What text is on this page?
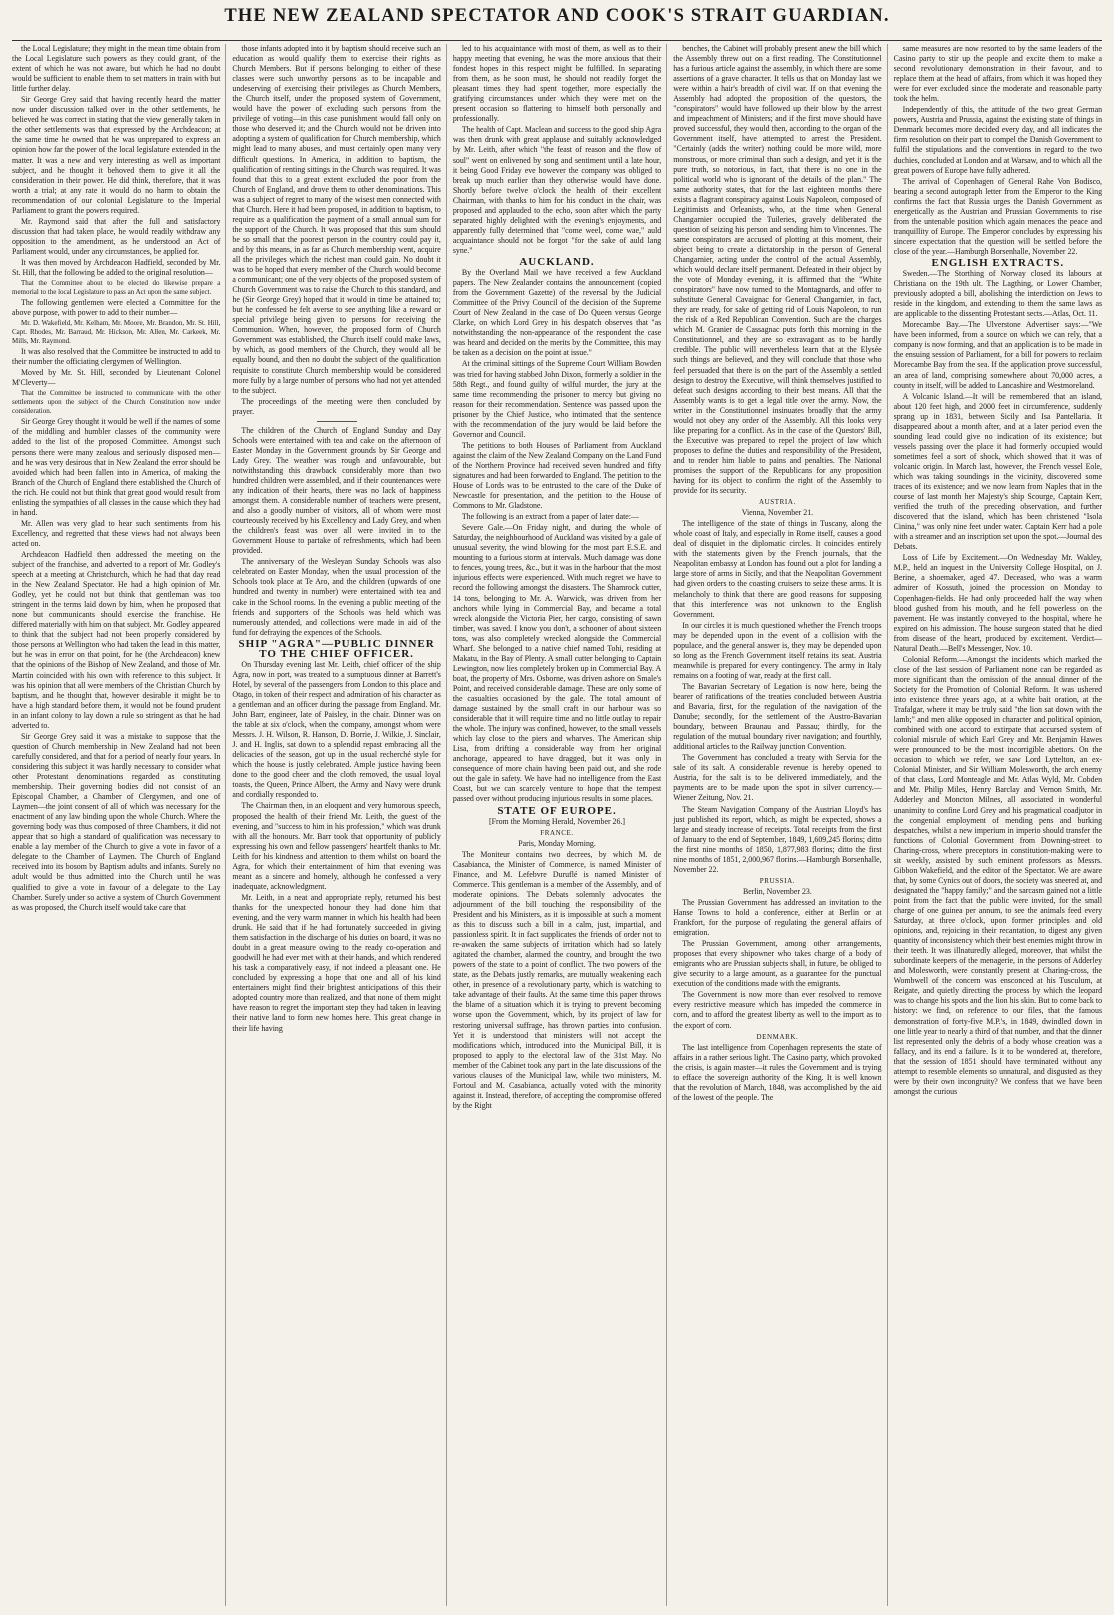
THE NEW ZEALAND SPECTATOR AND COOK'S STRAIT GUARDIAN.

the Local Legislature; they might in the mean time obtain from the Local Legislature such powers as they could grant, of the extent of which he was not aware, but which he had no doubt would be sufficient to enable them to set matters in train with but little further delay.

Sir George Grey said that having recently heard the matter now under discussion talked over in the other settlements, he believed he was correct in stating that the view generally taken in the other settlements was that expressed by the Archdeacon; at the same time he owned that he was unprepared to express an opinion how far the power of the local legislature extended in the matter. It was a new and very interesting as well as important subject, and he thought it behoved them to give it all the consideration in their power. He did think, therefore, that it was worth a trial; at any rate it would do no harm to obtain the recommendation of our colonial Legislature to the Imperial Parliament to grant the powers required.

Mr. Raymond said that after the full and satisfactory discussion that had taken place, he would readily withdraw any opposition to the amendment, as he understood an Act of Parliament would, under any circumstances, be applied for.

It was then moved by Archdeacon Hadfield, seconded by Mr. St. Hill, that the following be added to the original resolution—

That the Committee about to be elected do likewise prepare a memorial to the local Legislature to pass an Act upon the same subject.

The following gentlemen were elected a Committee for the above purpose, with power to add to their number—

Mr. D. Wakefield, Mr. Kelham, Mr. Moore, Mr. Brandon, Mr. St. Hill, Capt. Rhodes, Mr. Barraud, Mr. Hickson, Mr. Allen, Mr. Carkeek, Mr. Mills, Mr. Raymond.

It was also resolved that the Committee be instructed to add to their number the officiating clergymen of Wellington.

Moved by Mr. St. Hill, seconded by Lieutenant Colonel M'Cleverty—

That the Committee be instructed to communicate with the other settlements upon the subject of the Church Constitution now under consideration.

Sir George Grey thought it would be well if the names of some of the middling and humbler classes of the community were added to the list of the proposed Committee. Amongst such persons there were many zealous and seriously disposed men—and he was very desirous that in New Zealand the error should be avoided which had been fallen into in America, of making the Branch of the Church of England there established the Church of the rich. He could not but think that great good would result from enlisting the sympathies of all classes in the cause which they had in hand.

Mr. Allen was very glad to hear such sentiments from his Excellency, and regretted that these views had not always been acted on.

Archdeacon Hadfield then addressed the meeting on the subject of the franchise, and adverted to a report of Mr. Godley's speech at a meeting at Christchurch, which he had that day read in the New Zealand Spectator. He had a high opinion of Mr. Godley, yet he could not but think that gentleman was too stringent in the terms laid down by him, when he proposed that none but communicants should exercise the franchise. He differed materially with him on that subject. Mr. Godley appeared to think that the subject had not been properly considered by those persons at Wellington who had taken the lead in this matter, but he was in error on that point, for he (the Archdeacon) knew that the opinions of the Bishop of New Zealand, and those of Mr. Martin coincided with his own with reference to this subject. It was his opinion that all were members of the Christian Church by baptism, and he thought that, however desirable it might be to have a high standard before them, it would not be found prudent in an infant colony to lay down a rule so stringent as that he had adverted to.

Sir George Grey said it was a mistake to suppose that the question of Church membership in New Zealand had not been carefully considered, and that for a period of nearly four years. In considering this subject it was hardly necessary to consider what other Protestant denominations regarded as constituting membership. Their governing bodies did not consist of an Episcopal Chamber, a Chamber of Clergymen, and one of Laymen—the joint consent of all of which was necessary for the enactment of any law binding upon the whole Church. Where the governing body was thus composed of three Chambers, it did not appear that so high a standard of qualification was necessary to enable a lay member of the Church to give a vote in favor of a delegate to the Chamber of Laymen. The Church of England received into its bosom by Baptism adults and infants. Surely no adult would be thus admitted into the Church until he was qualified to give a vote in favour of a delegate to the Lay Chamber. Surely under so active a system of Church Government as was proposed, the Church itself would take care that

those infants adopted into it by baptism should receive such an education as would qualify them to exercise their rights as Church Members. But if persons belonging to either of these classes were such unworthy persons as to be incapable and undeserving of exercising their privileges as Church Members, the Church itself, under the proposed system of Government, would have the power of excluding such persons from the privilege of voting—in this case punishment would fall only on those who deserved it; and the Church would not be driven into adopting a system of qualification for Church membership, which might lead to many abuses, and must certainly open many very difficult questions. In America, in addition to baptism, the qualification of renting sittings in the Church was required. It was found that this to a great extent excluded the poor from the Church of England, and drove them to other denominations. This was a subject of regret to many of the wisest men connected with that Church. Here it had been proposed, in addition to baptism, to require as a qualification the payment of a small annual sum for the support of the Church. It was proposed that this sum should be so small that the poorest person in the country could pay it, and by this means, in as far as Church membership went, acquire all the privileges which the richest man could gain. No doubt it was to be hoped that every member of the Church would become a communicant; one of the very objects of the proposed system of Church Government was to raise the Church to this standard, and he (Sir George Grey) hoped that it would in time be attained to; but he confessed he felt averse to see anything like a reward or special privilege being given to persons for receiving the Communion. When, however, the proposed form of Church Government was established, the Church itself could make laws, by which, as good members of the Church, they would all be equally bound, and then no doubt the subject of the qualification requisite to constitute Church membership would be considered more fully by a large number of persons who had not yet attended to the subject.

The proceedings of the meeting were then concluded by prayer.

The children of the Church of England Sunday and Day Schools were entertained with tea and cake on the afternoon of Easter Monday in the Government grounds by Sir George and Lady Grey. The weather was rough and unfavourable, but notwithstanding this drawback considerably more than two hundred children were assembled, and if their countenances were any indication of their hearts, there was no lack of happiness amongst them. A considerable number of teachers were present, and also a goodly number of visitors, all of whom were most courteously received by his Excellency and Lady Grey, and when the children's feast was over all were invited in to the Government House to partake of refreshments, which had been provided.

The anniversary of the Wesleyan Sunday Schools was also celebrated on Easter Monday, when the usual procession of the Schools took place at Te Aro, and the children (upwards of one hundred and twenty in number) were entertained with tea and cake in the School rooms. In the evening a public meeting of the friends and supporters of the Schools was held which was numerously attended, and collections were made in aid of the fund for defraying the expences of the Schools.

SHIP "AGRA"—PUBLIC DINNER TO THE CHIEF OFFICER.

On Thursday evening last Mr. Leith, chief officer of the ship Agra, now in port, was treated to a sumptuous dinner at Barrett's Hotel, by several of the passengers from London to this place and Otago, in token of their respect and admiration of his character as a gentleman and an officer during the passage from England. Mr. John Barr, engineer, late of Paisley, in the chair. Dinner was on the table at six o'clock, when the company, amongst whom were Messrs. J. H. Wilson, R. Hanson, D. Borrie, J. Wilkie, J. Sinclair, J. and H. Inglis, sat down to a splendid repast embracing all the delicacies of the season, got up in the usual recherché style for which the house is justly celebrated. Ample justice having been done to the good cheer and the cloth removed, the usual loyal toasts, the Queen, Prince Albert, the Army and Navy were drunk and cordially responded to.

The Chairman then, in an eloquent and very humorous speech, proposed the health of their friend Mr. Leith, the guest of the evening, and "success to him in his profession," which was drunk with all the honours. Mr. Barr took that opportunity of publicly expressing his own and fellow passengers' heartfelt thanks to Mr. Leith for his kindness and attention to them whilst on board the Agra, for which their entertainment of him that evening was meant as a sincere and homely, although he confessed a very inadequate, acknowledgment.

Mr. Leith, in a neat and appropriate reply, returned his best thanks for the unexpected honour they had done him that evening, and the very warm manner in which his health had been drunk. He said that if he had fortunately succeeded in giving them satisfaction in the discharge of his duties on board, it was no doubt in a great measure owing to the ready co-operation and goodwill he had ever met with at their hands, and which rendered his task a comparatively easy, if not indeed a pleasant one. He concluded by expressing a hope that one and all of his kind entertainers might find their brightest anticipations of this their adopted country more than realized, and that none of them might have reason to regret the important step they had taken in leaving their native land to form new homes here. This great change in their life having

led to his acquaintance with most of them, as well as to their happy meeting that evening, he was the more anxious that their fondest hopes in this respect might be fulfilled. In separating from them, as he soon must, he should not readily forget the pleasant times they had spent together, more especially the gratifying circumstances under which they were met on the present occasion so flattering to himself both personally and professionally.

The health of Capt. Maclean and success to the good ship Agra was then drunk with great applause and suitably acknowledged by Mr. Leith, after which "the feast of reason and the flow of soul" went on enlivened by song and sentiment until a late hour, it being Good Friday eve however the company was obliged to break up much earlier than they otherwise would have done. Shortly before twelve o'clock the health of their excellent Chairman, with thanks to him for his conduct in the chair, was proposed and applauded to the echo, soon after which the party separated highly delighted with the evening's enjoyments, and apparently fully determined that "come weel, come wae," auld acquaintance should not be forgot "for the sake of auld lang syne."

AUCKLAND.

By the Overland Mail we have received a few Auckland papers. The New Zealander contains the announcement (copied from the Government Gazette) of the reversal by the Judicial Committee of the Privy Council of the decision of the Supreme Court of New Zealand in the case of Do Queen versus George Clarke, on which Lord Grey in his despatch observes that "as notwithstanding the non-appearance of the respondent the case was heard and decided on the merits by the Committee, this may be taken as a decision on the point at issue."

At the criminal sittings of the Supreme Court William Bowden was tried for having stabbed John Dixon, formerly a soldier in the 58th Regt., and found guilty of wilful murder, the jury at the same time recommending the prisoner to mercy but giving no reason for their recommendation. Sentence was passed upon the prisoner by the Chief Justice, who intimated that the sentence with the recommendation of the jury would be laid before the Governor and Council.

The petitions to both Houses of Parliament from Auckland against the claim of the New Zealand Company on the Land Fund of the Northern Province had received seven hundred and fifty signatures and had been forwarded to England. The petition to the House of Lords was to be entrusted to the care of the Duke of Newcastle for presentation, and the petition to the House of Commons to Mr. Gladstone.

The following is an extract from a paper of later date:—

Severe Gale.—On Friday night, and during the whole of Saturday, the neighbourhood of Auckland was visited by a gale of unusual severity, the wind blowing for the most part E.S.E. and mounting to a furious storm at intervals. Much damage was done to fences, young trees, &c., but it was in the harbour that the most injurious effects were experienced. With much regret we have to record the following amongst the disasters. The Shamrock cutter, 14 tons, belonging to Mr. A. Warwick, was driven from her anchors while lying in Commercial Bay, and became a total wreck alongside the Victoria Pier, her cargo, consisting of sawn timber, was saved. I know you don't, a schooner of about sixteen tons, was also completely wrecked alongside the Commercial Wharf. She belonged to a native chief named Tohi, residing at Makatu, in the Bay of Plenty. A small cutter belonging to Captain Lewington, now lies completely broken up in Commercial Bay. A boat, the property of Mrs. Osborne, was driven ashore on Smale's Point, and received considerable damage. These are only some of the casualties occasioned by the gale. The total amount of damage sustained by the small craft in our harbour was so considerable that it will require time and no little outlay to repair the whole. The injury was confined, however, to the small vessels which lay close to the piers and wharves. The American ship Lisa, from drifting a considerable way from her original anchorage, appeared to have dragged, but it was only in consequence of more chain having been paid out, and she rode out the gale in safety. We have had no intelligence from the East Coast, but we can scarcely venture to hope that the tempest passed over without producing injurious results in some places.

STATE OF EUROPE.

[From the Morning Herald, November 26.]

FRANCE.

Paris, Monday Morning.

The Moniteur contains two decrees, by which M. de Casabianca, the Minister of Commerce, is named Minister of Finance, and M. Lefebvre Duruflé is named Minister of Commerce. This gentleman is a member of the Assembly, and of moderate opinions. The Debats solemnly advocates the adjournment of the bill touching the responsibility of the President and his Ministers, as it is impossible at such a moment as this to discuss such a bill in a calm, just, impartial, and passionless spirit. It in fact supplicates the friends of order not to re-awaken the same subjects of irritation which had so lately agitated the chamber, alarmed the country, and brought the two powers of the state to a point of conflict. The two powers of the state, as the Debats justly remarks, are mutually weakening each other, in presence of a revolutionary party, which is watching to take advantage of their faults. At the same time this paper throws the blame of a situation which it is trying to prevent becoming worse upon the Government, which, by its project of law for restoring universal suffrage, has thrown parties into confusion. Yet it is understood that ministers will not accept the modifications which, introduced into the Municipal Bill, it is proposed to apply to the electoral law of the 31st May. No member of the Cabinet took any part in the late discussions of the various clauses of the Municipal law, while two ministers, M. Fortoul and M. Casabianca, actually voted with the minority against it. Instead, therefore, of accepting the compromise offered by the Right

benches, the Cabinet will probably present anew the bill which the Assembly threw out on a first reading. The Constitutionnel has a furious article against the assembly, in which there are some assertions of a grave character. It tells us that on Monday last we were within a hair's breadth of civil war. If on that evening the Assembly had adopted the proposition of the questors, the "conspirators" would have followed up their blow by the arrest and impeachment of Ministers; and if the first move should have proved successful, they would then, according to the organ of the Government itself, have attempted to arrest the President. "Certainly (adds the writer) nothing could be more wild, more monstrous, or more criminal than such a design, and yet it is the pure truth, so notorious, in fact, that there is no one in the political world who is ignorant of the details of the plan." The same authority states, that for the last eighteen months there exists a flagrant conspiracy against Louis Napoleon, composed of Legitimists and Orleanists, who, at the time when General Changarnier occupied the Tuileries, gravely deliberated the question of seizing his person and sending him to Vincennes. The same conspirators are accused of plotting at this moment, their object being to create a dictatorship in the person of General Changarnier, acting under the control of the actual Assembly, which would declare itself permanent. Defeated in their object by the vote of Monday evening, it is affirmed that the "White conspirators" have now turned to the Montagnards, and offer to substitute General Cavaignac for General Changarnier, in fact, they are ready, for sake of getting rid of Louis Napoleon, to run the risk of a Red Republican Convention. Such are the charges which M. Granier de Cassagnac puts forth this morning in the Constitutionnel, and they are so extravagant as to be hardly credible. The public will nevertheless learn that at the Elysée such things are believed, and they will conclude that those who feel persuaded that there is on the part of the Assembly a settled design to destroy the Executive, will think themselves justified to defeat such designs according to their best means. All that the Assembly wants is to get a legal title over the army. Now, the writer in the Constitutionnel insinuates broadly that the army would not obey any order of the Assembly. All this looks very like preparing for a conflict. As in the case of the Questors' Bill, the Executive was prepared to repel the project of law which proposes to define the duties and responsibility of the President, and to render him liable to pains and penalties. The National promises the support of the Republicans for any proposition having for its object to confirm the right of the Assembly to provide for its security.

AUSTRIA.

Vienna, November 21.

The intelligence of the state of things in Tuscany, along the whole coast of Italy, and especially in Rome itself, causes a good deal of disquiet in the diplomatic circles. It coincides entirely with the statements given by the French journals, that the Neapolitan embassy at London has found out a plot for landing a large store of arms in Sicily, and that the Neapolitan Government had given orders to the coasting cruisers to seize these arms. It is melancholy to think that there are good reasons for supposing that this interference was not unknown to the English Government.

In our circles it is much questioned whether the French troops may be depended upon in the event of a collision with the populace, and the general answer is, they may be depended upon so long as the French Government itself retains its seat. Austria meanwhile is prepared for every contingency. The army in Italy remains on a footing of war, ready at the first call.

The Bavarian Secretary of Legation is now here, being the bearer of ratifications of the treaties concluded between Austria and Bavaria, first, for the regulation of the navigation of the Danube; secondly, for the settlement of the Austro-Bavarian boundary, between Braunau and Passau; thirdly, for the regulation of the mutual boundary river navigation; and fourthly, additional articles to the Railway junction Convention.

The Government has concluded a treaty with Servia for the sale of its salt. A considerable revenue is hereby opened to Austria, for the salt is to be delivered immediately, and the payments are to be made upon the spot in silver currency.—Wiener Zeitung, Nov. 21.

The Steam Navigation Company of the Austrian Lloyd's has just published its report, which, as might be expected, shows a large and steady increase of receipts. Total receipts from the first of January to the end of September, 1849, 1,609,245 florins; ditto the first nine months of 1850, 1,877,983 florins; ditto the first nine months of 1851, 2,000,967 florins.—Hamburgh Borsenhalle, November 22.

PRUSSIA.

Berlin, November 23.

The Prussian Government has addressed an invitation to the Hanse Towns to hold a conference, either at Berlin or at Frankfort, for the purpose of regulating the general affairs of emigration.

The Prussian Government, among other arrangements, proposes that every shipowner who takes charge of a body of emigrants who are Prussian subjects shall, in future, be obliged to give security to a large amount, as a guarantee for the punctual execution of the conditions made with the emigrants.

The Government is now more than ever resolved to remove every restrictive measure which has impeded the commerce in corn, and to afford the greatest liberty as well to the import as to the export of corn.

DENMARK.

The last intelligence from Copenhagen represents the state of affairs in a rather serious light. The Casino party, which provoked the crisis, is again master—it rules the Government and is trying to efface the sovereign authority of the King. It is well known that the revolution of March, 1848, was accomplished by the aid of the lowest of the people. The

same measures are now resorted to by the same leaders of the Casino party to stir up the people and excite them to make a second revolutionary demonstration in their favour, and to replace them at the head of affairs, from which it was hoped they were for ever excluded since the moderate and reasonable party took the helm.

Independently of this, the attitude of the two great German powers, Austria and Prussia, against the existing state of things in Denmark becomes more decided every day, and all indicates the firm resolution on their part to compel the Danish Government to fulfil the stipulations and the conventions in regard to the two duchies, concluded at London and at Warsaw, and to which all the great powers of Europe have fully adhered.

The arrival of Copenhagen of General Rahe Von Bodisco, bearing a second autograph letter from the Emperor to the King confirms the fact that Russia urges the Danish Government as energetically as the Austrian and Prussian Governments to rise from the untenable position which again menaces the peace and tranquillity of Europe. The Emperor concludes by expressing his sincere expectation that the question will be settled before the close of the year.—Hamburgh Borsenhalle, November 22.

ENGLISH EXTRACTS.

Sweden.—The Storthing of Norway closed its labours at Christiana on the 19th ult. The Lagthing, or Lower Chamber, previously adopted a bill, abolishing the interdiction on Jews to reside in the kingdom, and extending to them the same laws as are applicable to the dissenting Protestant sects.—Atlas, Oct. 11.

Morecambe Bay.—The Ulverstone Advertiser says:—"We have been informed, from a source on which we can rely, that a company is now forming, and that an application is to be made in the ensuing session of Parliament, for a bill for powers to reclaim Morecambe Bay from the sea. If the application prove successful, an area of land, comprising somewhere about 70,000 acres, a county in itself, will be added to Lancashire and Westmoreland.

A Volcanic Island.—It will be remembered that an island, about 120 feet high, and 2000 feet in circumference, suddenly sprang up in 1831, between Sicily and Isa Pantellaria. It disappeared about a month after, and at a later period even the sounding lead could give no indication of its existence; but vessels passing over the place it had formerly occupied would sometimes feel a sort of shock, which showed that it was of volcanic origin. In March last, however, the French vessel Eole, which was taking soundings in the vicinity, discovered some traces of its existence; and we now learn from Naples that in the course of last month her Majesty's ship Scourge, Captain Kerr, verified the truth of the preceding observation, and further discovered that the island, which has been christened "Isola Cinina," was only nine feet under water. Captain Kerr had a pole with a streamer and an inscription set upon the spot.—Journal des Debats.

Loss of Life by Excitement.—On Wednesday Mr. Wakley, M.P., held an inquest in the University College Hospital, on J. Berine, a shoemaker, aged 47. Deceased, who was a warm admirer of Kossuth, joined the procession on Monday to Copenhagen-fields. He had only proceeded half the way when blood gushed from his mouth, and he fell powerless on the pavement. He was instantly conveyed to the hospital, where he expired on his admission. The house surgeon stated that he died from disease of the heart, produced by excitement. Verdict—Natural Death.—Bell's Messenger, Nov. 10.

Colonial Reform.—Amongst the incidents which marked the close of the last session of Parliament none can be regarded as more significant than the omission of the annual dinner of the Society for the Promotion of Colonial Reform. It was ushered into existence three years ago, at a white bait oration, at the Trafalgar, where it may be truly said "the lion sat down with the lamb;" and men alike opposed in character and political opinion, combined with one accord to extirpate that accursed system of colonial misrule of which Earl Grey and Mr. Benjamin Hawes were pronounced to be the most incorrigible abettors. On the occasion to which we refer, we saw Lord Lyttelton, an ex-Colonial Minister, and Sir William Molesworth, the arch enemy of that class, Lord Monteagle and Mr. Atlas Wyld, Mr. Cobden and Mr. Philip Miles, Henry Barclay and Vernon Smith, Mr. Adderley and Moncton Milnes, all associated in wonderful unanimity to confine Lord Grey and his pragmatical coadjutor in the congenial employment of mending pens and burking despatches, whilst a new imperium in imperio should transfer the functions of Colonial Government from Downing-street to Charing-cross, where preceptors in constitution-making were to sit weekly, assisted by such eminent professors as Messrs. Gibbon Wakefield, and the editor of the Spectator. We are aware that, by some Cynics out of doors, the society was sneered at, and designated the "happy family;" and the sarcasm gained not a little point from the fact that the public were invited, for the small charge of one guinea per annum, to see the animals feed every Saturday, at three o'clock, upon former principles and old opinions, and, rejoicing in their recantation, to digest any given quantity of inconsistency which their best enemies might throw in their teeth. It was illnaturedly alleged, moreover, that whilst the subordinate keepers of the menagerie, in the persons of Adderley and Molesworth, were constantly present at Charing-cross, the Wombwell of the concern was ensconced at his Tusculum, at Reigate, and quietly directing the process by which the leopard was to change his spots and the lion his skin. But to come back to history: we find, on reference to our files, that the famous demonstration of forty-five M.P.'s, in 1849, dwindled down in one little year to nearly a third of that number, and that the dinner list represented only the debris of a body whose creation was a fallacy, and its end a failure. Is it to be wondered at, therefore, that the session of 1851 should have terminated without any attempt to resemble elements so unnatural, and disgusted as they were by their own incongruity? We confess that we have been amongst the curious
